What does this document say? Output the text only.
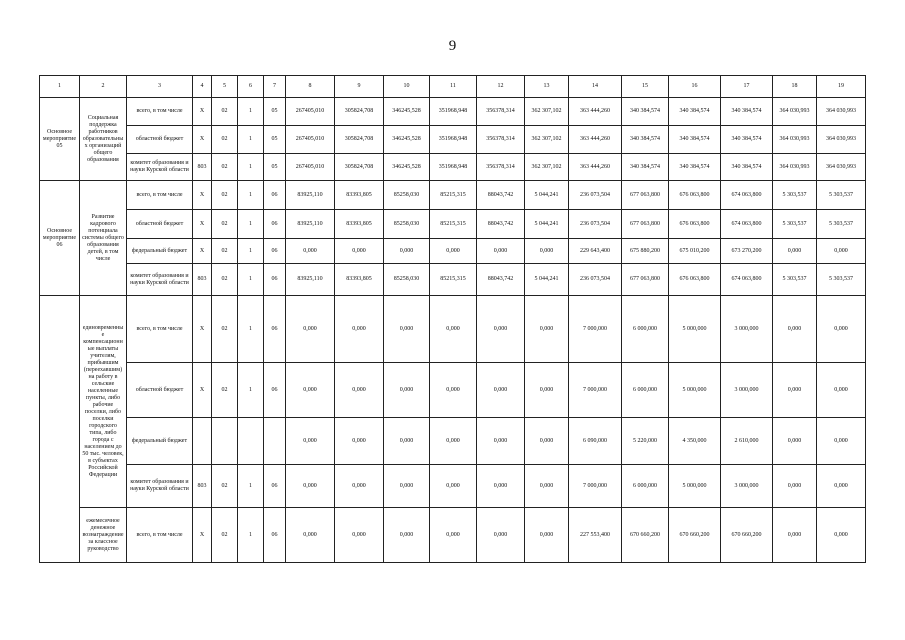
9
1	2	3	4	5	6	7	8	9	10	11	12	13	14	15	16	17	18	19
Основное мероприятие 05	Социальная поддержка работников образовательных организаций общего образования	всего, в том числе	X	02	1	05	267405,010	305824,708	346245,528	351968,948	356378,314	362 307,102	363 444,260	340 384,574	340 384,574	340 384,574	364 030,993	364 030,993
		областной бюджет	X	02	1	05	267405,010	305824,708	346245,528	351968,948	356378,314	362 307,102	363 444,260	340 384,574	340 384,574	340 384,574	364 030,993	364 030,993
		комитет образования и науки Курской области	803	02	1	05	267405,010	305824,708	346245,528	351968,948	356378,314	362 307,102	363 444,260	340 384,574	340 384,574	340 384,574	364 030,993	364 030,993
Основное мероприятие 06	Развитие кадрового потенциала системы общего образования детей, в том числе	всего, в том числе	X	02	1	06	83925,110	83393,805	85258,030	85215,315	88043,742	5 044,241	236 073,504	677 063,800	676 063,800	674 063,800	5 303,537	5 303,537
		областной бюджет	X	02	1	06	83925,110	83393,805	85258,030	85215,315	88043,742	5 044,241	236 073,504	677 063,800	676 063,800	674 063,800	5 303,537	5 303,537
		федеральный бюджет	X	02	1	06	0,000	0,000	0,000	0,000	0,000	0,000	229 643,400	675 880,200	675 010,200	673 270,200	0,000	0,000
		комитет образования и науки Курской области	803	02	1	06	83925,110	83393,805	85258,030	85215,315	88043,742	5 044,241	236 073,504	677 063,800	676 063,800	674 063,800	5 303,537	5 303,537
	единовременные компенсационные выплаты учителям, прибывшим (переехавшим) на работу в сельские населенные пункты, либо рабочие поселки, либо поселки городского типа, либо города с населением до 50 тыс. человек, в субъектах Российской Федерации	всего, в том числе	X	02	1	06	0,000	0,000	0,000	0,000	0,000	0,000	7 000,000	6 000,000	5 000,000	3 000,000	0,000	0,000
		областной бюджет	X	02	1	06	0,000	0,000	0,000	0,000	0,000	0,000	7 000,000	6 000,000	5 000,000	3 000,000	0,000	0,000
		федеральный бюджет					0,000	0,000	0,000	0,000	0,000	0,000	6 090,000	5 220,000	4 350,000	2 610,000	0,000	0,000
		комитет образования и науки Курской области	803	02	1	06	0,000	0,000	0,000	0,000	0,000	0,000	7 000,000	6 000,000	5 000,000	3 000,000	0,000	0,000
	ежемесячное денежное вознаграждение за классное руководство	всего, в том числе	X	02	1	06	0,000	0,000	0,000	0,000	0,000	0,000	227 553,400	670 660,200	670 660,200	670 660,200	0,000	0,000
